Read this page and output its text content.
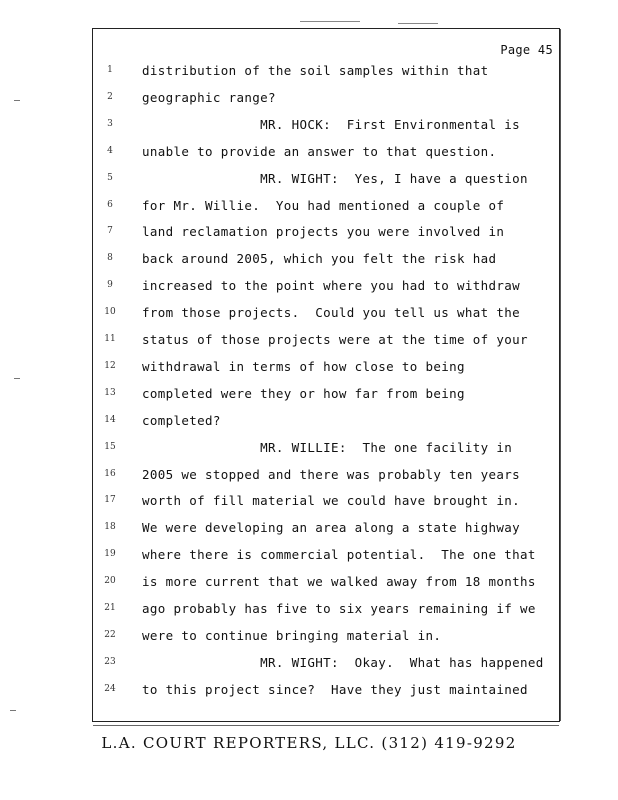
Page 45
1	distribution of the soil samples within that
2	geographic range?
3	MR. HOCK:  First Environmental is
4	unable to provide an answer to that question.
5	MR. WIGHT:  Yes, I have a question
6	for Mr. Willie.  You had mentioned a couple of
7	land reclamation projects you were involved in
8	back around 2005, which you felt the risk had
9	increased to the point where you had to withdraw
10	from those projects.  Could you tell us what the
11	status of those projects were at the time of your
12	withdrawal in terms of how close to being
13	completed were they or how far from being
14	completed?
15	MR. WILLIE:  The one facility in
16	2005 we stopped and there was probably ten years
17	worth of fill material we could have brought in.
18	We were developing an area along a state highway
19	where there is commercial potential.  The one that
20	is more current that we walked away from 18 months
21	ago probably has five to six years remaining if we
22	were to continue bringing material in.
23	MR. WIGHT:  Okay.  What has happened
24	to this project since?  Have they just maintained
L.A. COURT REPORTERS, LLC. (312) 419-9292
